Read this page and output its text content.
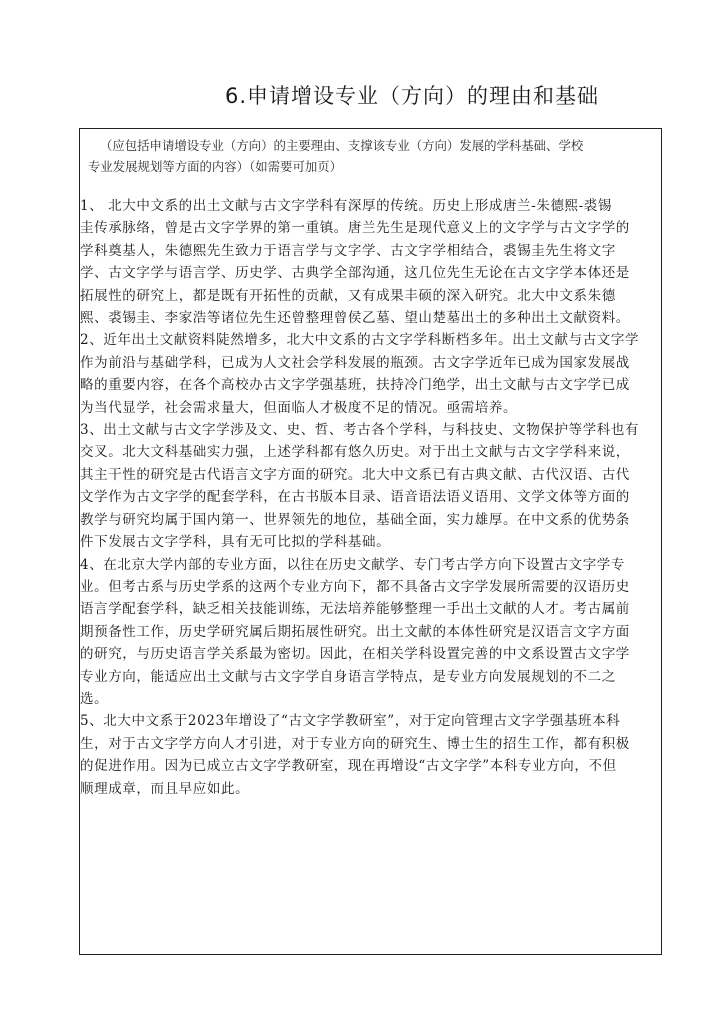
6.申请增设专业（方向）的理由和基础
（应包括申请增设专业（方向）的主要理由、支撑该专业（方向）发展的学科基础、学校
专业发展规划等方面的内容）（如需要可加页）

1、 北大中文系的出土文献与古文字学科有深厚的传统。历史上形成唐兰-朱德熙-裘锡
圭传承脉络，曾是古文字学界的第一重镇。唐兰先生是现代意义上的文字学与古文字学的
学科奠基人，朱德熙先生致力于语言学与文字学、古文字学相结合，裘锡圭先生将文字
学、古文字学与语言学、历史学、古典学全部沟通，这几位先生无论在古文字学本体还是
拓展性的研究上，都是既有开拓性的贡献，又有成果丰硕的深入研究。北大中文系朱德
熙、裘锡圭、李家浩等诸位先生还曾整理曾侯乙墓、望山楚墓出土的多种出土文献资料。

2、近年出土文献资料陡然增多，北大中文系的古文字学科断档多年。出土文献与古文字学
作为前沿与基础学科，已成为人文社会学科发展的瓶颈。古文字学近年已成为国家发展战
略的重要内容，在各个高校办古文字学强基班，扶持冷门绝学，出土文献与古文字学已成
为当代显学，社会需求量大，但面临人才极度不足的情况。亟需培养。

3、出土文献与古文字学涉及文、史、哲、考古各个学科，与科技史、文物保护等学科也有
交叉。北大文科基础实力强，上述学科都有悠久历史。对于出土文献与古文字学科来说，
其主干性的研究是古代语言文字方面的研究。北大中文系已有古典文献、古代汉语、古代
文学作为古文字学的配套学科，在古书版本目录、语音语法语义语用、文学文体等方面的
教学与研究均属于国内第一、世界领先的地位，基础全面，实力雄厚。在中文系的优势条
件下发展古文字学科，具有无可比拟的学科基础。

4、在北京大学内部的专业方面，以往在历史文献学、专门考古学方向下设置古文字学专
业。但考古系与历史学系的这两个专业方向下，都不具备古文字学发展所需要的汉语历史
语言学配套学科，缺乏相关技能训练，无法培养能够整理一手出土文献的人才。考古属前
期预备性工作，历史学研究属后期拓展性研究。出土文献的本体性研究是汉语言文字方面
的研究，与历史语言学关系最为密切。因此，在相关学科设置完善的中文系设置古文字学
专业方向，能适应出土文献与古文字学自身语言学特点，是专业方向发展规划的不二之
选。

5、北大中文系于2023年增设了“古文字学教研室”，对于定向管理古文字学强基班本科
生，对于古文字学方向人才引进，对于专业方向的研究生、博士生的招生工作，都有积极
的促进作用。因为已成立古文字学教研室，现在再增设“古文字学”本科专业方向，不但
顺理成章，而且早应如此。
